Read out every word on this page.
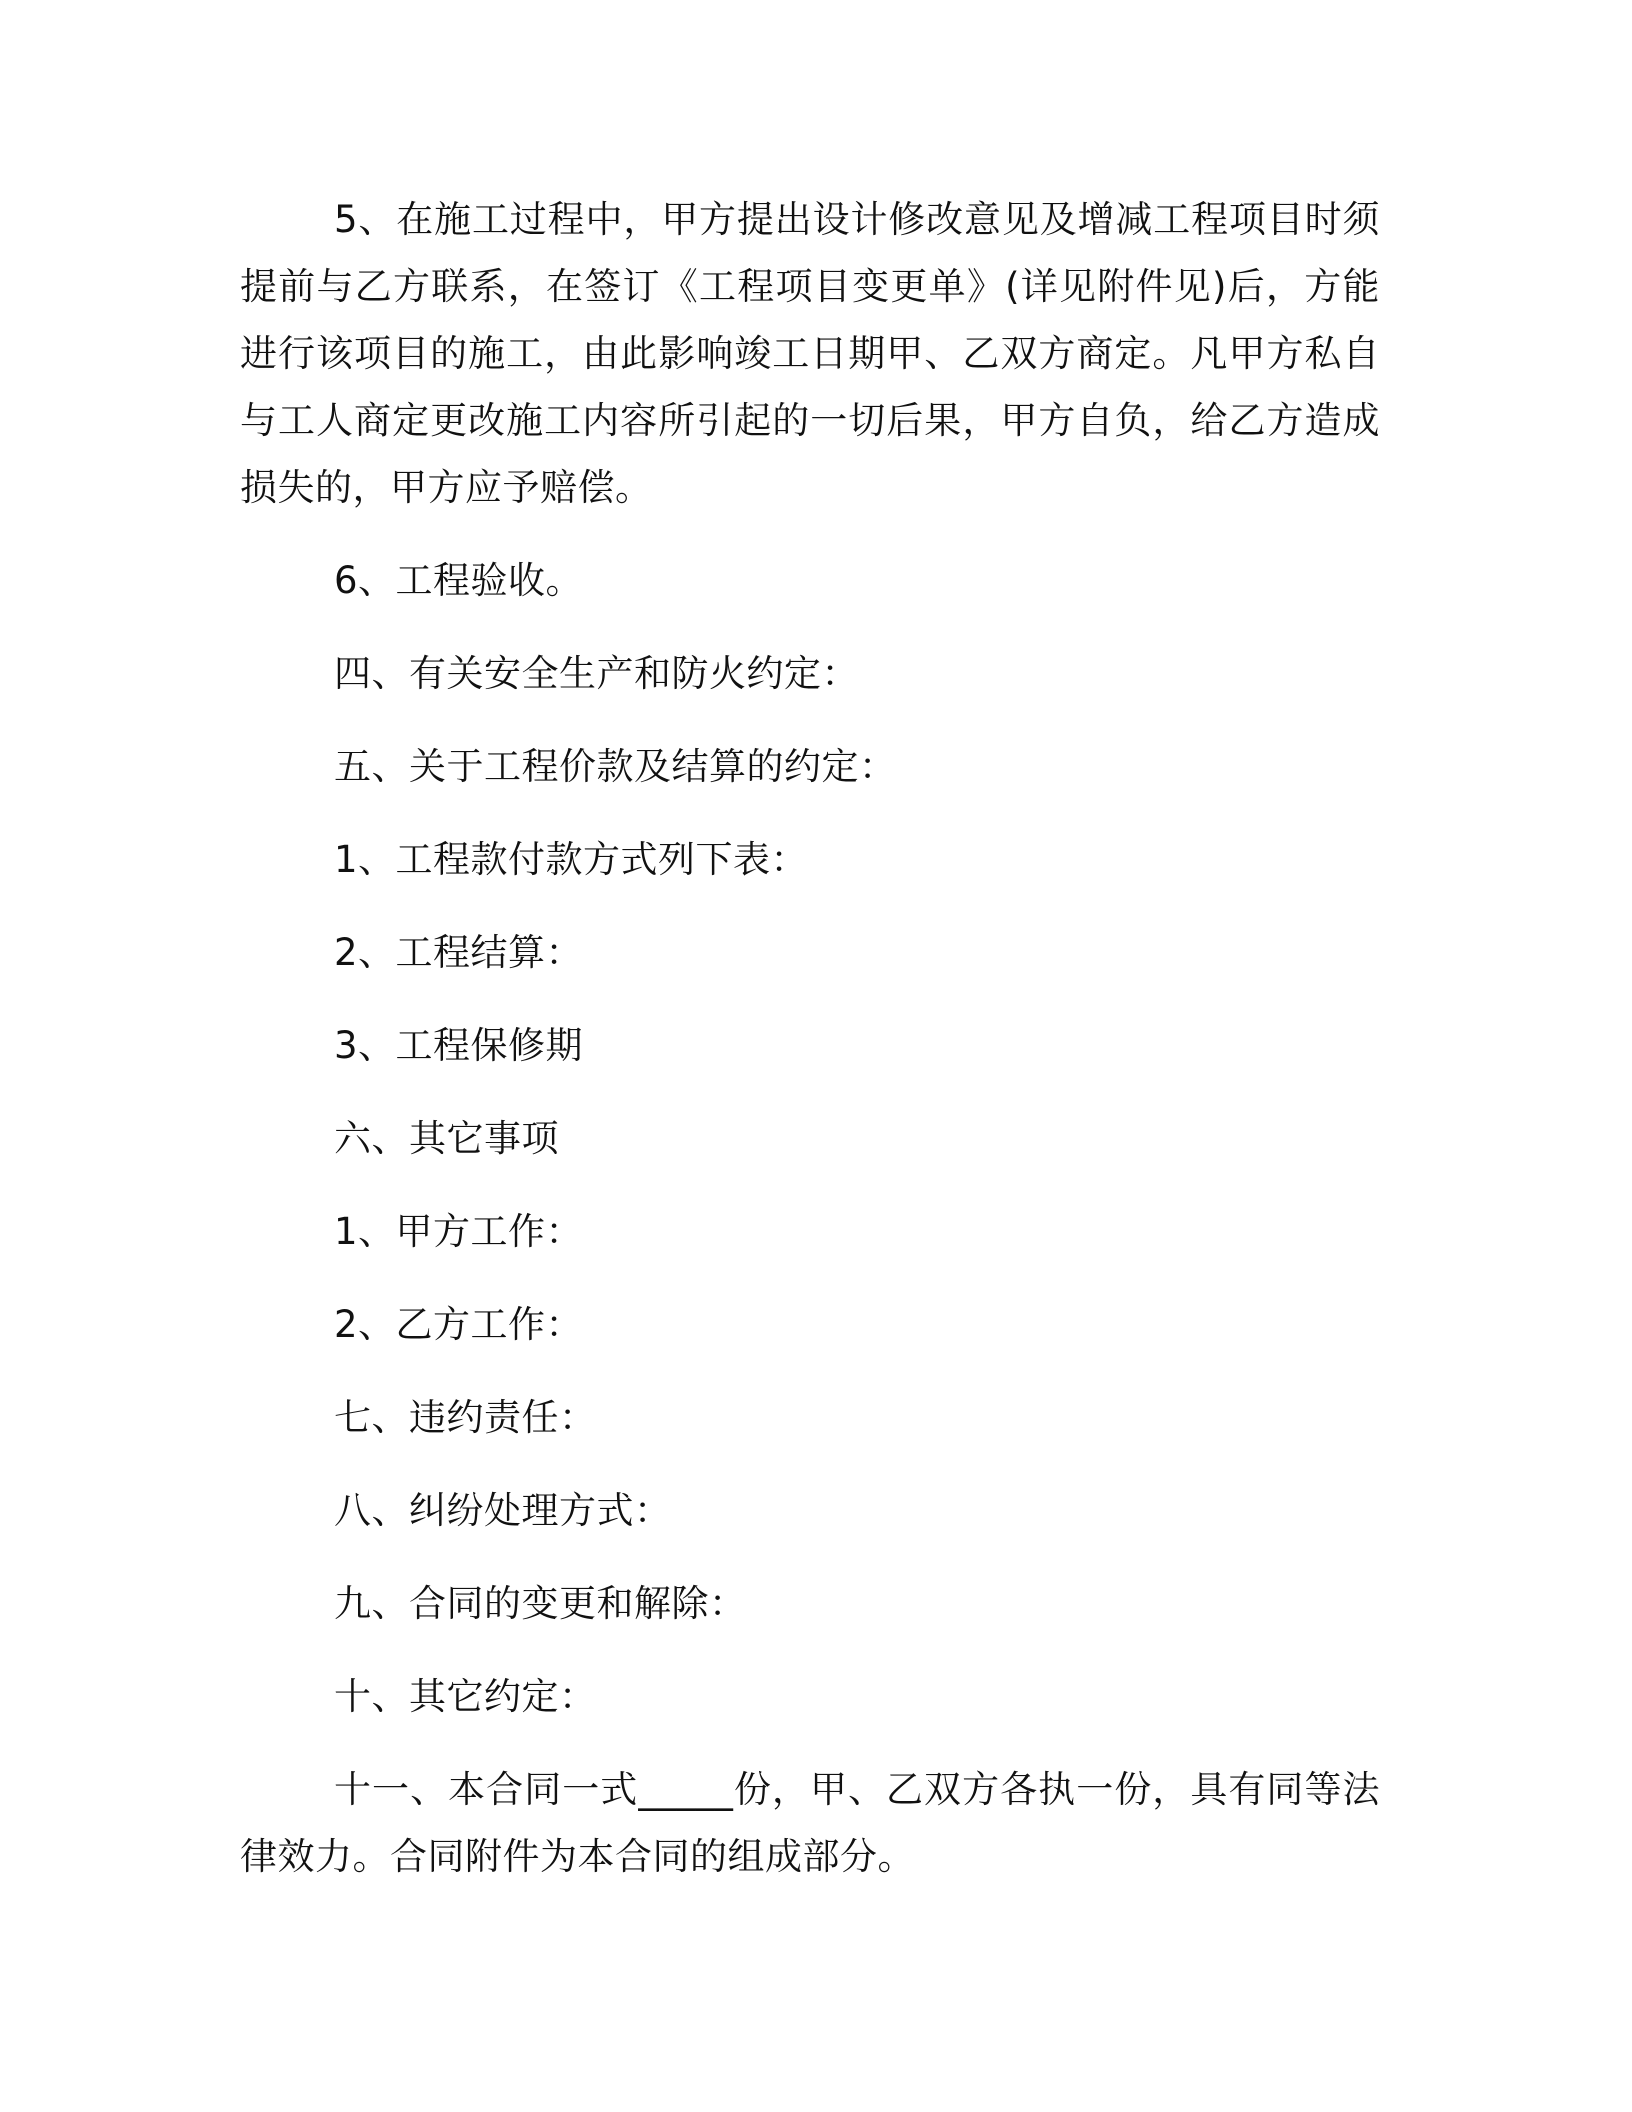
5、在施工过程中，甲方提出设计修改意见及增减工程项目时须提前与乙方联系，在签订《工程项目变更单》(详见附件见)后，方能进行该项目的施工，由此影响竣工日期甲、乙双方商定。凡甲方私自与工人商定更改施工内容所引起的一切后果，甲方自负，给乙方造成损失的，甲方应予赔偿。

6、工程验收。

四、有关安全生产和防火约定：

五、关于工程价款及结算的约定：

1、工程款付款方式列下表：

2、工程结算：

3、工程保修期

六、其它事项

1、甲方工作：

2、乙方工作：

七、违约责任：

八、纠纷处理方式：

九、合同的变更和解除：

十、其它约定：

十一、本合同一式_____份，甲、乙双方各执一份，具有同等法律效力。合同附件为本合同的组成部分。
